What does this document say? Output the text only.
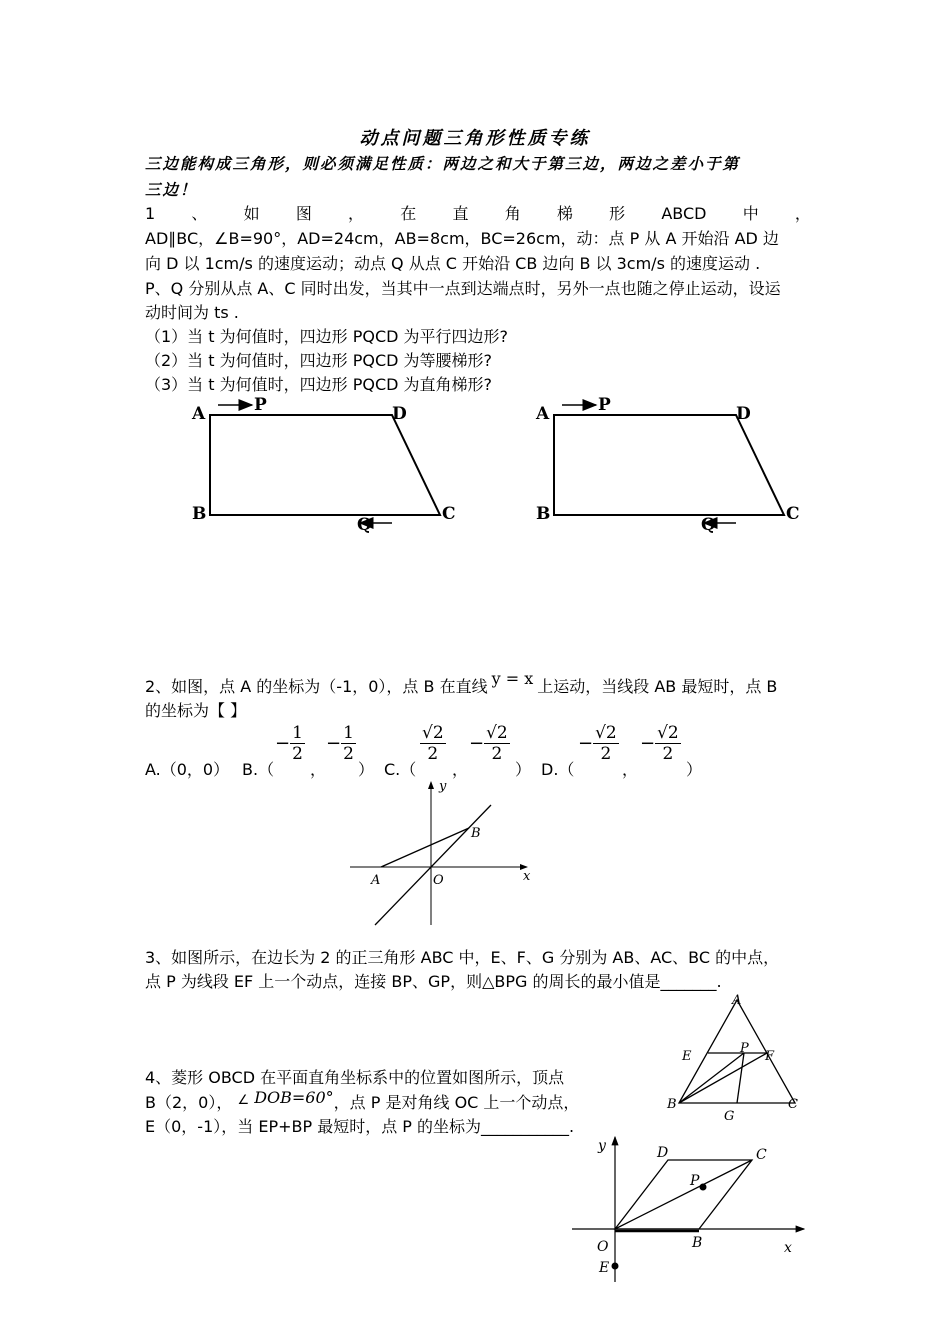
动点问题三角形性质专练
三边能构成三角形，则必须满足性质：两边之和大于第三边，两边之差小于第
三边！
1 、 如 图 ， 在 直 角 梯 形 ABCD 中 ，
AD∥BC，∠B=90°，AD=24cm，AB=8cm，BC=26cm，动：点 P 从 A 开始沿 AD 边
向 D 以 1cm/s 的速度运动；动点 Q 从点 C 开始沿 CB 边向 B 以 3cm/s 的速度运动 .
P、Q 分别从点 A、C 同时出发，当其中一点到达端点时，另外一点也随之停止运动，设运
动时间为 ts .
（1）当 t 为何值时，四边形 PQCD 为平行四边形?
（2）当 t 为何值时，四边形 PQCD 为等腰梯形?
（3）当 t 为何值时，四边形 PQCD 为直角梯形?
A	P	D
B	C
Q
A	P	D
B	C
Q
2、如图，点 A 的坐标为（-1，0），点 B 在直线 y = x 上运动，当线段 AB 最短时，点 B
的坐标为【 】
A.（0，0） B.（
− $\frac{1}{2}$
，
− $\frac{1}{2}$
） C.（
$\frac{√2}{2}$
，
− $\frac{√2}{2}$
） D.（
− $\frac{√2}{2}$
，
− $\frac{√2}{2}$
）
y
x
A	O
B
3、如图所示，在边长为 2 的正三角形 ABC 中，E、F、G 分别为 AB、AC、BC 的中点，
点 P 为线段 EF 上一个动点，连接 BP、GP，则△BPG 的周长的最小值是_______.
A
E
P
F
B	C
G
4、菱形 OBCD 在平面直角坐标系中的位置如图所示，顶点
B（2，0）， ∠ DOB=60°，点 P 是对角线 OC 上一个动点，
E（0，-1），当 EP+BP 最短时，点 P 的坐标为___________.
y
x
O	B
C
D
P
E
